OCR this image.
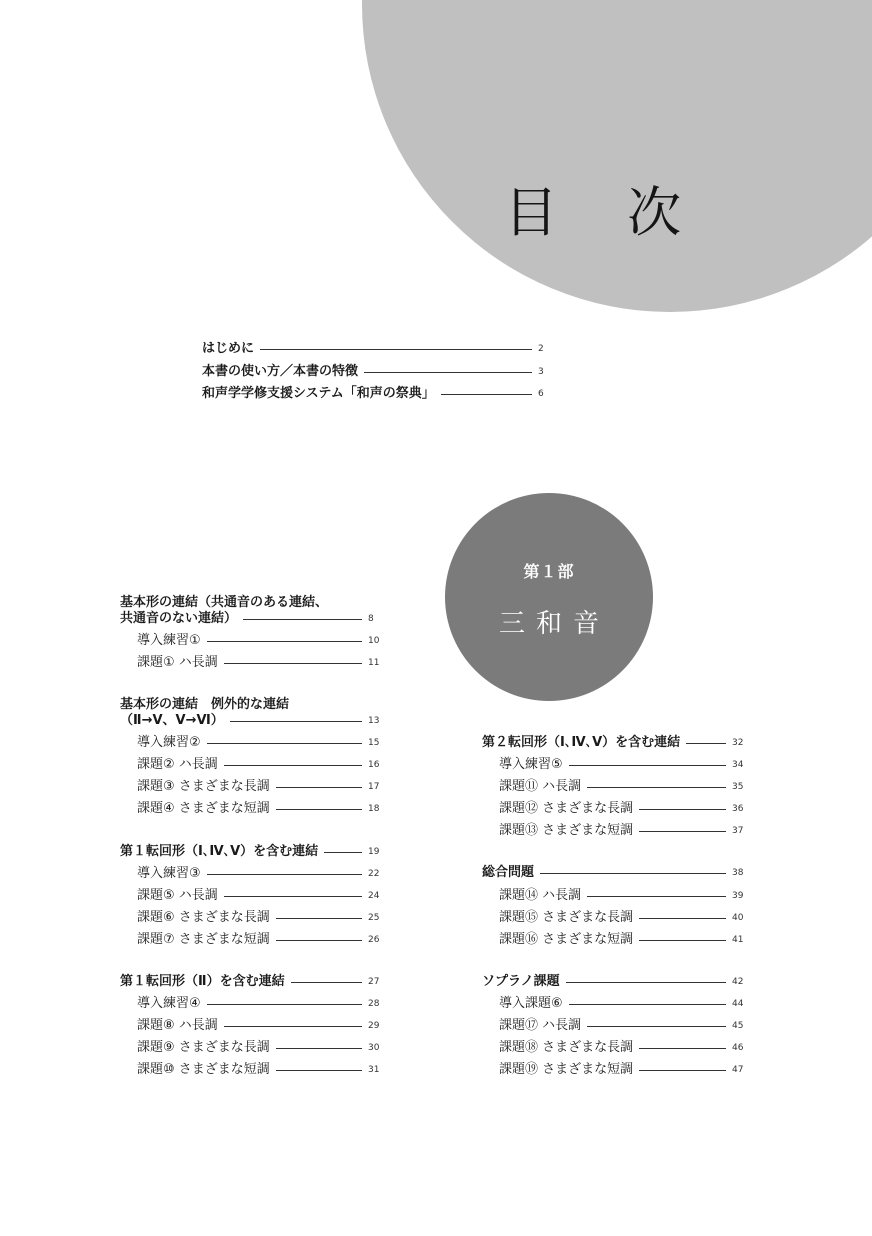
目 次
はじめに	2
本書の使い方／本書の特徴	3
和声学学修支援システム「和声の祭典」	6
第１部
三和音
基本形の連結（共通音のある連結、
共通音のない連結）	8
導入練習①	10
課題① ハ長調	11
基本形の連結　例外的な連結
（Ⅱ→Ⅴ、Ⅴ→Ⅵ）	13
導入練習②	15
課題② ハ長調	16
課題③ さまざまな長調	17
課題④ さまざまな短調	18
第１転回形（Ⅰ､Ⅳ､Ⅴ）を含む連結	19
導入練習③	22
課題⑤ ハ長調	24
課題⑥ さまざまな長調	25
課題⑦ さまざまな短調	26
第１転回形（Ⅱ）を含む連結	27
導入練習④	28
課題⑧ ハ長調	29
課題⑨ さまざまな長調	30
課題⑩ さまざまな短調	31
第２転回形（Ⅰ､Ⅳ､Ⅴ）を含む連結	32
導入練習⑤	34
課題⑪ ハ長調	35
課題⑫ さまざまな長調	36
課題⑬ さまざまな短調	37
総合問題	38
課題⑭ ハ長調	39
課題⑮ さまざまな長調	40
課題⑯ さまざまな短調	41
ソプラノ課題	42
導入課題⑥	44
課題⑰ ハ長調	45
課題⑱ さまざまな長調	46
課題⑲ さまざまな短調	47
